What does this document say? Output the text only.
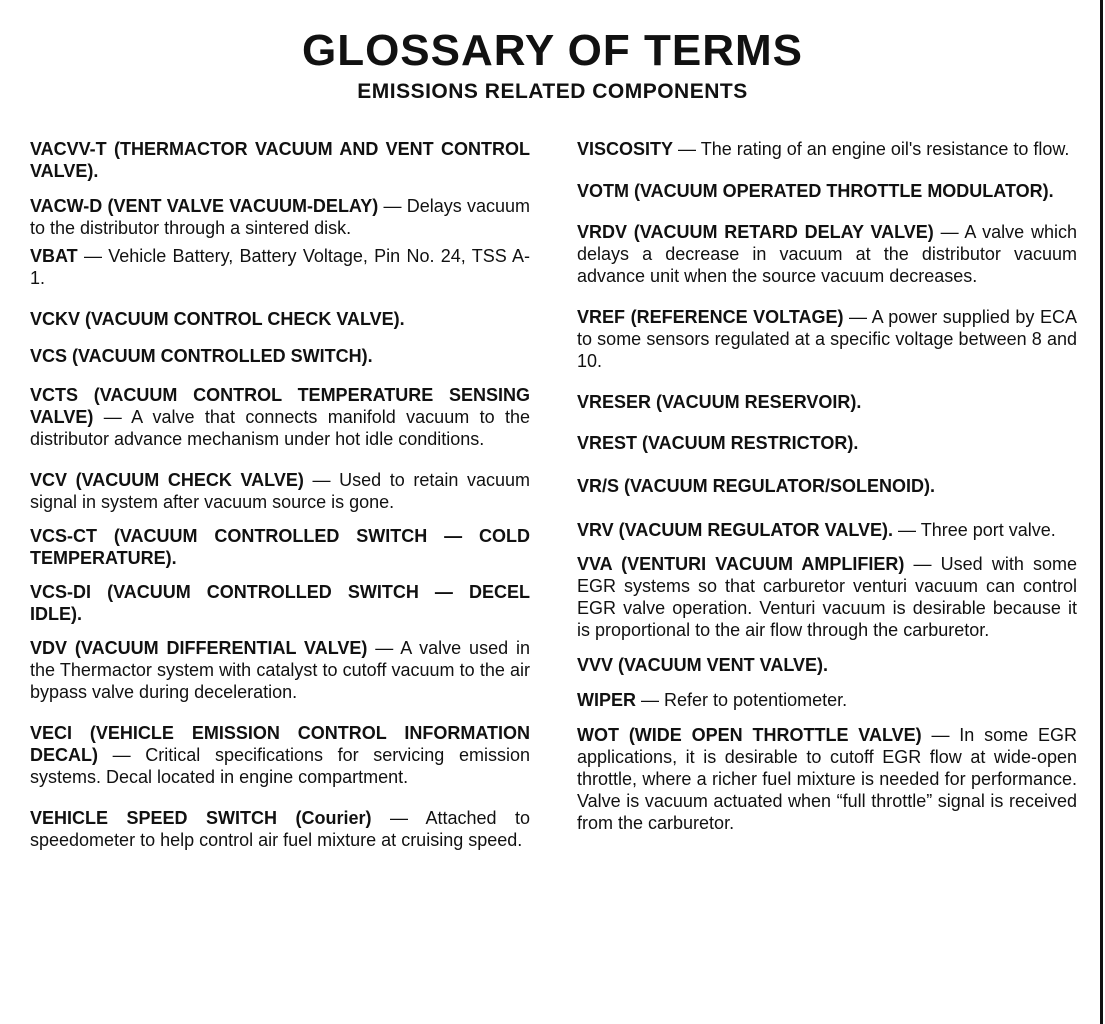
GLOSSARY OF TERMS
EMISSIONS RELATED COMPONENTS

VACVV-T (THERMACTOR VACUUM AND VENT CONTROL VALVE).

VACW-D (VENT VALVE VACUUM-DELAY) — Delays vacuum to the distributor through a sintered disk.

VBAT — Vehicle Battery, Battery Voltage, Pin No. 24, TSS A-1.

VCKV (VACUUM CONTROL CHECK VALVE).

VCS (VACUUM CONTROLLED SWITCH).

VCTS (VACUUM CONTROL TEMPERATURE SENSING VALVE) — A valve that connects manifold vacuum to the distributor advance mechanism under hot idle conditions.

VCV (VACUUM CHECK VALVE) — Used to retain vacuum signal in system after vacuum source is gone.

VCS-CT (VACUUM CONTROLLED SWITCH — COLD TEMPERATURE).

VCS-DI (VACUUM CONTROLLED SWITCH — DECEL IDLE).

VDV (VACUUM DIFFERENTIAL VALVE) — A valve used in the Thermactor system with catalyst to cutoff vacuum to the air bypass valve during deceleration.

VECI (VEHICLE EMISSION CONTROL INFORMATION DECAL) — Critical specifications for servicing emission systems. Decal located in engine compartment.

VEHICLE SPEED SWITCH (Courier) — Attached to speedometer to help control air fuel mixture at cruising speed.

VISCOSITY — The rating of an engine oil's resistance to flow.

VOTM (VACUUM OPERATED THROTTLE MODULATOR).

VRDV (VACUUM RETARD DELAY VALVE) — A valve which delays a decrease in vacuum at the distributor vacuum advance unit when the source vacuum decreases.

VREF (REFERENCE VOLTAGE) — A power supplied by ECA to some sensors regulated at a specific voltage between 8 and 10.

VRESER (VACUUM RESERVOIR).

VREST (VACUUM RESTRICTOR).

VR/S (VACUUM REGULATOR/SOLENOID).

VRV (VACUUM REGULATOR VALVE). — Three port valve.

VVA (VENTURI VACUUM AMPLIFIER) — Used with some EGR systems so that carburetor venturi vacuum can control EGR valve operation. Venturi vacuum is desirable because it is proportional to the air flow through the carburetor.

VVV (VACUUM VENT VALVE).

WIPER — Refer to potentiometer.

WOT (WIDE OPEN THROTTLE VALVE) — In some EGR applications, it is desirable to cutoff EGR flow at wide-open throttle, where a richer fuel mixture is needed for performance. Valve is vacuum actuated when “full throttle” signal is received from the carburetor.
